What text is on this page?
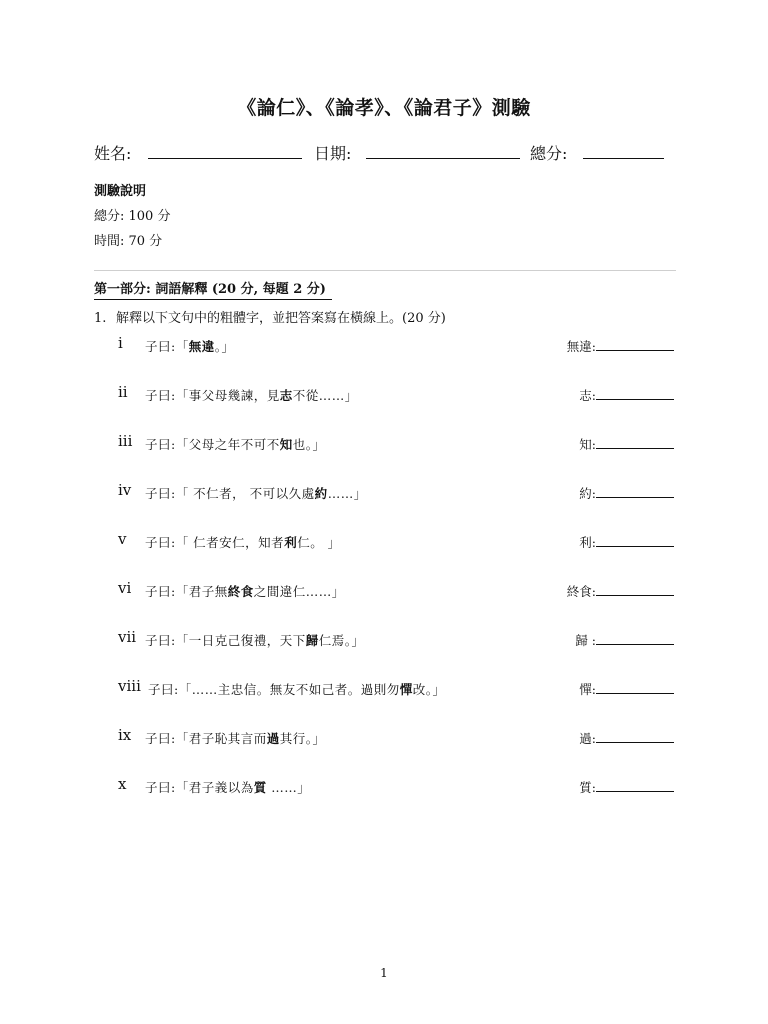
《論仁》、《論孝》、《論君子》測驗
姓名:	日期:	總分:
測驗說明
總分: 100 分
時間: 70 分
第一部分: 詞語解釋 (20 分, 每題 2 分)
1. 解釋以下文句中的粗體字，並把答案寫在橫線上。(20 分)
i 子曰:「無違。」	無違:
ii 子曰:「事父母幾諫，見志不從……」	志:
iii 子曰:「父母之年不可不知也。」	知:
iv 子曰:「 不仁者， 不可以久處約……」	約:
v 子曰:「 仁者安仁，知者利仁。 」	利:
vi 子曰:「君子無終食之間違仁……」	終食:
vii 子曰:「一日克己復禮，天下歸仁焉。」	歸 :
viii 子曰:「……主忠信。無友不如己者。過則勿憚改。」	憚:
ix 子曰:「君子恥其言而過其行。」	過:
x 子曰:「君子義以為質 ……」	質:
1
